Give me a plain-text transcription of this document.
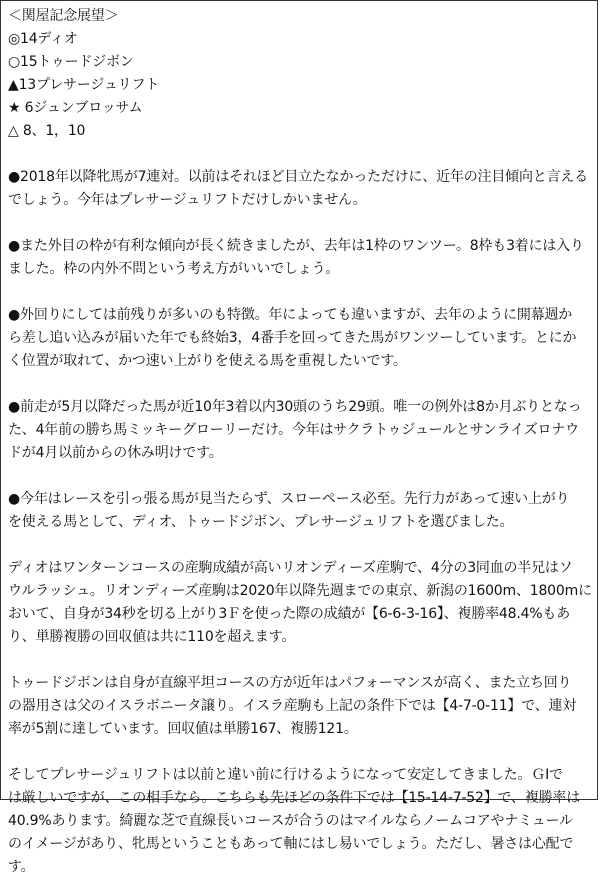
＜関屋記念展望＞
◎14ディオ
○15トゥードジボン
▲13プレサージュリフト
★ 6ジュンブロッサム
△ 8、1，10
●2018年以降牝馬が7連対。以前はそれほど目立たなかっただけに、近年の注目傾向と言える
でしょう。今年はプレサージュリフトだけしかいません。
●また外目の枠が有利な傾向が長く続きましたが、去年は1枠のワンツー。8枠も3着には入り
ました。枠の内外不問という考え方がいいでしょう。
●外回りにしては前残りが多いのも特徴。年によっても違いますが、去年のように開幕週か
ら差し追い込みが届いた年でも終始3，4番手を回ってきた馬がワンツーしています。とにか
く位置が取れて、かつ速い上がりを使える馬を重視したいです。
●前走が5月以降だった馬が近10年3着以内30頭のうち29頭。唯一の例外は8か月ぶりとなっ
た、4年前の勝ち馬ミッキーグローリーだけ。今年はサクラトゥジュールとサンライズロナウ
ドが4月以前からの休み明けです。
●今年はレースを引っ張る馬が見当たらず、スローペース必至。先行力があって速い上がり
を使える馬として、ディオ、トゥードジボン、プレサージュリフトを選びました。
ディオはワンターンコースの産駒成績が高いリオンディーズ産駒で、4分の3同血の半兄はソ
ウルラッシュ。リオンディーズ産駒は2020年以降先週までの東京、新潟の1600m、1800mに
おいて、自身が34秒を切る上がり3Ｆを使った際の成績が【6-6-3-16】、複勝率48.4%もあ
り、単勝複勝の回収値は共に110を超えます。
トゥードジボンは自身が直線平坦コースの方が近年はパフォーマンスが高く、また立ち回り
の器用さは父のイスラボニータ譲り。イスラ産駒も上記の条件下では【4-7-0-11】で、連対
率が5割に達しています。回収値は単勝167、複勝121。
そしてプレサージュリフトは以前と違い前に行けるようになって安定してきました。ＧⅠで
は厳しいですが、この相手なら。こちらも先ほどの条件下では【15-14-7-52】で、複勝率は
40.9%あります。綺麗な芝で直線長いコースが合うのはマイルならノームコアやナミュール
のイメージがあり、牝馬ということもあって軸にはし易いでしょう。ただし、暑さは心配で
す。
